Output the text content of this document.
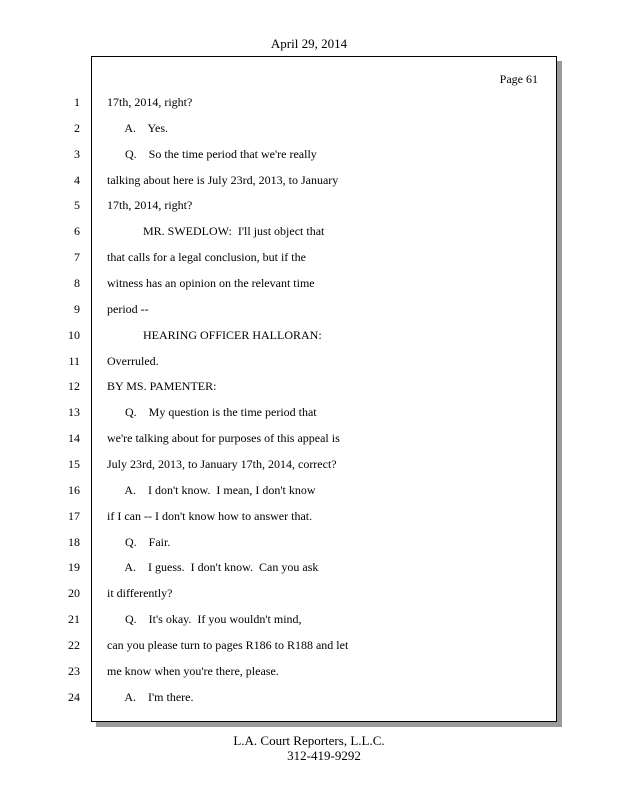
April 29, 2014
Page 61
1 17th, 2014, right?
2 A.    Yes.
3 Q.    So the time period that we're really
4 talking about here is July 23rd, 2013, to January
5 17th, 2014, right?
6 MR. SWEDLOW:  I'll just object that
7 that calls for a legal conclusion, but if the
8 witness has an opinion on the relevant time
9 period --
10 HEARING OFFICER HALLORAN:
11 Overruled.
12 BY MS. PAMENTER:
13 Q.    My question is the time period that
14 we're talking about for purposes of this appeal is
15 July 23rd, 2013, to January 17th, 2014, correct?
16 A.    I don't know.  I mean, I don't know
17 if I can -- I don't know how to answer that.
18 Q.    Fair.
19 A.    I guess.  I don't know.  Can you ask
20 it differently?
21 Q.    It's okay.  If you wouldn't mind,
22 can you please turn to pages R186 to R188 and let
23 me know when you're there, please.
24 A.    I'm there.
L.A. Court Reporters, L.L.C.
312-419-9292
